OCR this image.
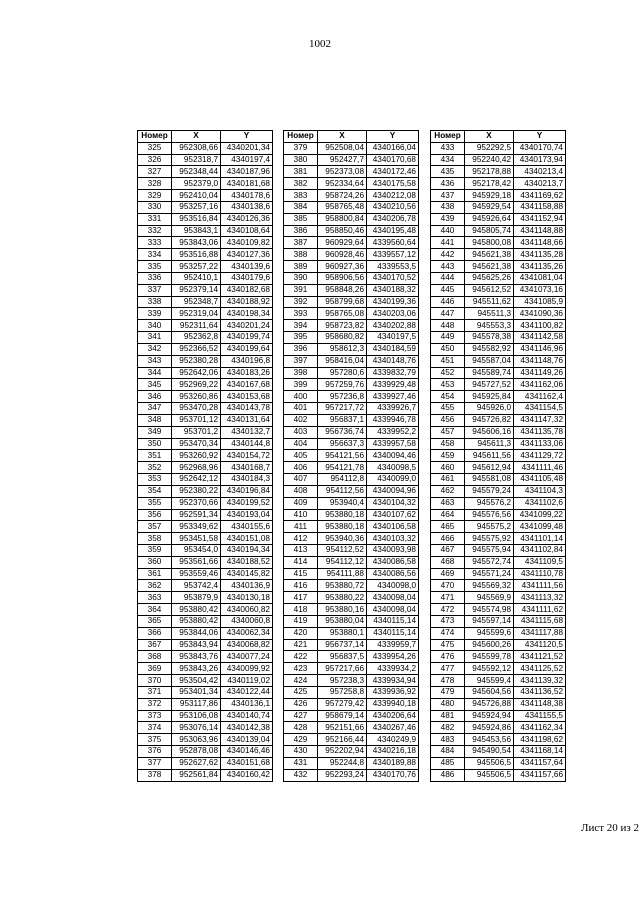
1002
Номер	X	Y
325	952308,66	4340201,34
326	952318,7	4340197,4
327	952348,44	4340187,96
328	952379,0	4340181,68
329	952410,04	4340178,6
330	953257,16	4340138,6
331	953516,84	4340126,36
332	953843,1	4340108,64
333	953843,06	4340109,82
334	953516,88	4340127,36
335	953257,22	4340139,6
336	952410,1	4340179,6
337	952379,14	4340182,68
338	952348,7	4340188,92
339	952319,04	4340198,34
340	952311,64	4340201,24
341	952362,8	4340199,74
342	952366,52	4340199,64
343	952380,28	4340196,8
344	952642,06	4340183,26
345	952969,22	4340167,68
346	953260,86	4340153,68
347	953470,28	4340143,78
348	953701,12	4340131,64
349	953701,2	4340132,7
350	953470,34	4340144,8
351	953260,92	4340154,72
352	952968,96	4340168,7
353	952642,12	4340184,3
354	952380,22	4340196,84
355	952370,66	4340199,52
356	952591,34	4340193,04
357	953349,62	4340155,6
358	953451,58	4340151,08
359	953454,0	4340194,34
360	953561,66	4340188,52
361	953559,46	4340145,82
362	953742,4	4340136,9
363	953879,9	4340130,18
364	953880,42	4340060,82
365	953880,42	4340060,8
366	953844,06	4340062,34
367	953843,94	4340068,82
368	953843,76	4340077,24
369	953843,26	4340099,92
370	953504,42	4340119,02
371	953401,34	4340122,44
372	953117,86	4340136,1
373	953106,08	4340140,74
374	953076,14	4340142,38
375	953063,96	4340139,04
376	952878,08	4340146,46
377	952627,62	4340151,68
378	952561,84	4340160,42
Номер	X	Y
379	952508,04	4340166,04
380	952427,7	4340170,68
381	952373,08	4340172,46
382	952334,64	4340175,58
383	958724,26	4340212,08
384	958765,48	4340210,56
385	958800,84	4340206,78
386	958850,46	4340195,48
387	960929,64	4339560,64
388	960928,46	4339557,12
389	960927,36	4339553,5
390	958906,56	4340170,52
391	958848,26	4340188,32
392	958799,68	4340199,36
393	958765,08	4340203,06
394	958723,82	4340202,88
395	958680,82	4340197,5
396	958612,3	4340184,59
397	958416,04	4340148,76
398	957280,6	4339832,79
399	957259,76	4339929,48
400	957236,8	4339927,46
401	957217,72	4339926,7
402	956837,1	4339946,78
403	956736,74	4339952,2
404	956637,3	4339957,58
405	954121,56	4340094,46
406	954121,78	4340098,5
407	954112,8	4340099,0
408	954112,56	4340094,96
409	953940,4	4340104,32
410	953880,18	4340107,62
411	953880,18	4340106,58
412	953940,36	4340103,32
413	954112,52	4340093,98
414	954112,12	4340086,58
415	954111,88	4340086,56
416	953880,72	4340098,0
417	953880,22	4340098,04
418	953880,16	4340098,04
419	953880,04	4340115,14
420	953880,1	4340115,14
421	956737,14	4339959,7
422	956837,5	4339954,26
423	957217,66	4339934,2
424	957238,3	4339934,94
425	957258,8	4339936,92
426	957279,42	4339940,18
427	958679,14	4340206,64
428	952151,66	4340267,46
429	952166,44	4340249,9
430	952202,94	4340216,18
431	952244,8	4340189,88
432	952293,24	4340170,76
Номер	X	Y
433	952292,5	4340170,74
434	952240,42	4340173,94
435	952178,88	4340213,4
436	952178,42	4340213,7
437	945929,18	4341169,62
438	945929,54	4341158,88
439	945926,64	4341152,94
440	945805,74	4341148,88
441	945800,08	4341148,66
442	945621,38	4341135,28
443	945621,38	4341135,26
444	945625,26	4341081,04
445	945612,52	4341073,16
446	945511,62	4341085,9
447	945511,3	4341090,36
448	945553,3	4341100,82
449	945578,38	4341142,58
450	945582,92	4341146,96
451	945587,04	4341148,76
452	945589,74	4341149,26
453	945727,52	4341162,06
454	945925,84	4341162,4
455	945926,0	4341154,5
456	945726,82	4341147,32
457	945606,16	4341135,78
458	945611,3	4341133,06
459	945611,56	4341129,72
460	945612,94	4341111,46
461	945581,08	4341105,48
462	945579,24	4341104,3
463	945576,2	4341102,6
464	945576,56	4341099,22
465	945575,2	4341099,48
466	945575,92	4341101,14
467	945575,94	4341102,84
468	945572,74	4341109,5
469	945571,24	4341110,78
470	945569,32	4341111,56
471	945569,9	4341113,32
472	945574,98	4341111,62
473	945597,14	4341115,68
474	945599,6	4341117,88
475	945600,26	4341120,5
476	945599,78	4341121,52
477	945592,12	4341125,52
478	945599,4	4341139,32
479	945604,56	4341136,52
480	945726,88	4341148,38
481	945924,94	4341155,5
482	945924,86	4341162,34
483	945453,56	4341198,62
484	945490,54	4341168,14
485	945506,5	4341157,64
486	945506,5	4341157,66
Лист 20 из 2
